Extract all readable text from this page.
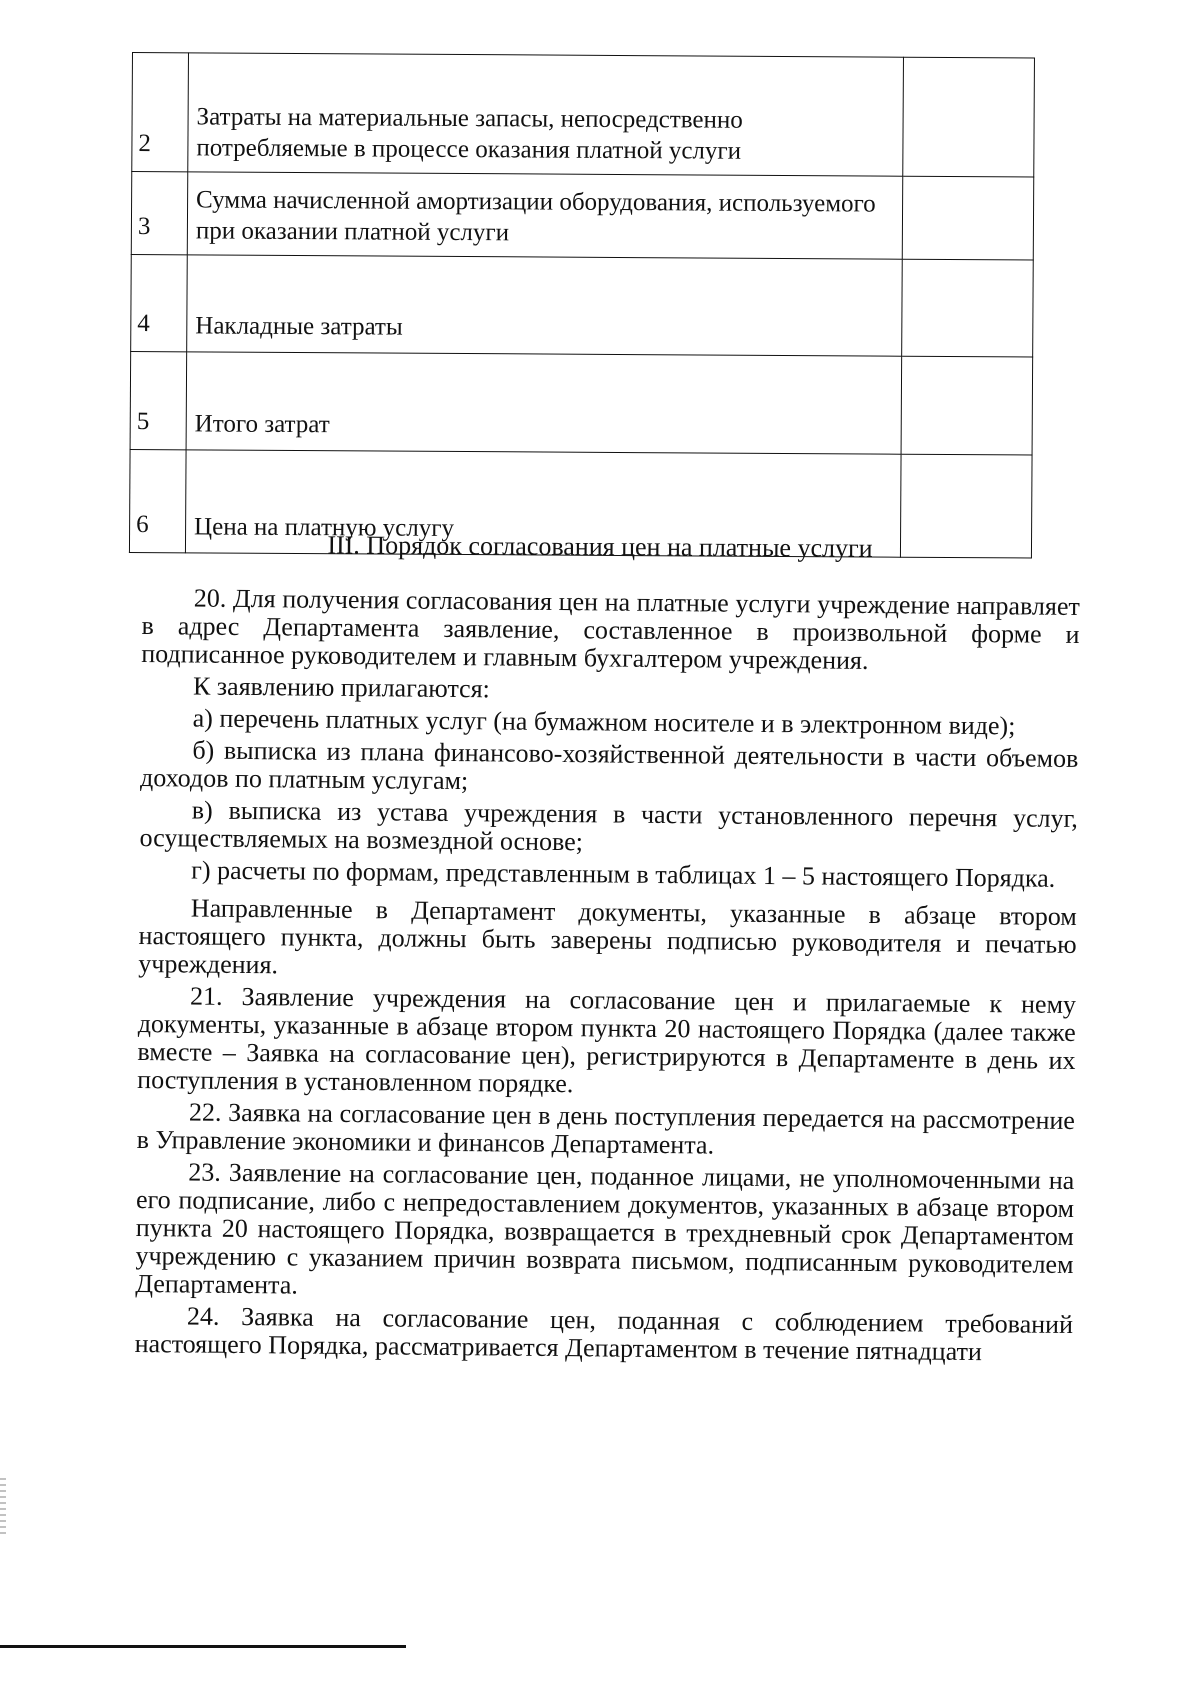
2	Затраты на материальные запасы, непосредственно потребляемые в процессе оказания платной услуги	
3	Сумма начисленной амортизации оборудования, используемого при оказании платной услуги	
4	Накладные затраты	
5	Итого затрат	
6	Цена на платную услугу	
III. Порядок согласования цен на платные услуги

20. Для получения согласования цен на платные услуги учреждение направляет в адрес Департамента заявление, составленное в произвольной форме и подписанное руководителем и главным бухгалтером учреждения.

К заявлению прилагаются:

а) перечень платных услуг (на бумажном носителе и в электронном виде);

б) выписка из плана финансово-хозяйственной деятельности в части объемов доходов по платным услугам;

в) выписка из устава учреждения в части установленного перечня услуг, осуществляемых на возмездной основе;

г) расчеты по формам, представленным в таблицах 1 – 5 настоящего Порядка.

Направленные в Департамент документы, указанные в абзаце втором настоящего пункта, должны быть заверены подписью руководителя и печатью учреждения.

21. Заявление учреждения на согласование цен и прилагаемые к нему документы, указанные в абзаце втором пункта 20 настоящего Порядка (далее также вместе – Заявка на согласование цен), регистрируются в Департаменте в день их поступления в установленном порядке.

22. Заявка на согласование цен в день поступления передается на рассмотрение в Управление экономики и финансов Департамента.

23. Заявление на согласование цен, поданное лицами, не уполномоченными на его подписание, либо с непредоставлением документов, указанных в абзаце втором пункта 20 настоящего Порядка, возвращается в трехдневный срок Департаментом учреждению с указанием причин возврата письмом, подписанным руководителем Департамента.

24. Заявка на согласование цен, поданная с соблюдением требований настоящего Порядка, рассматривается Департаментом в течение пятнадцати
